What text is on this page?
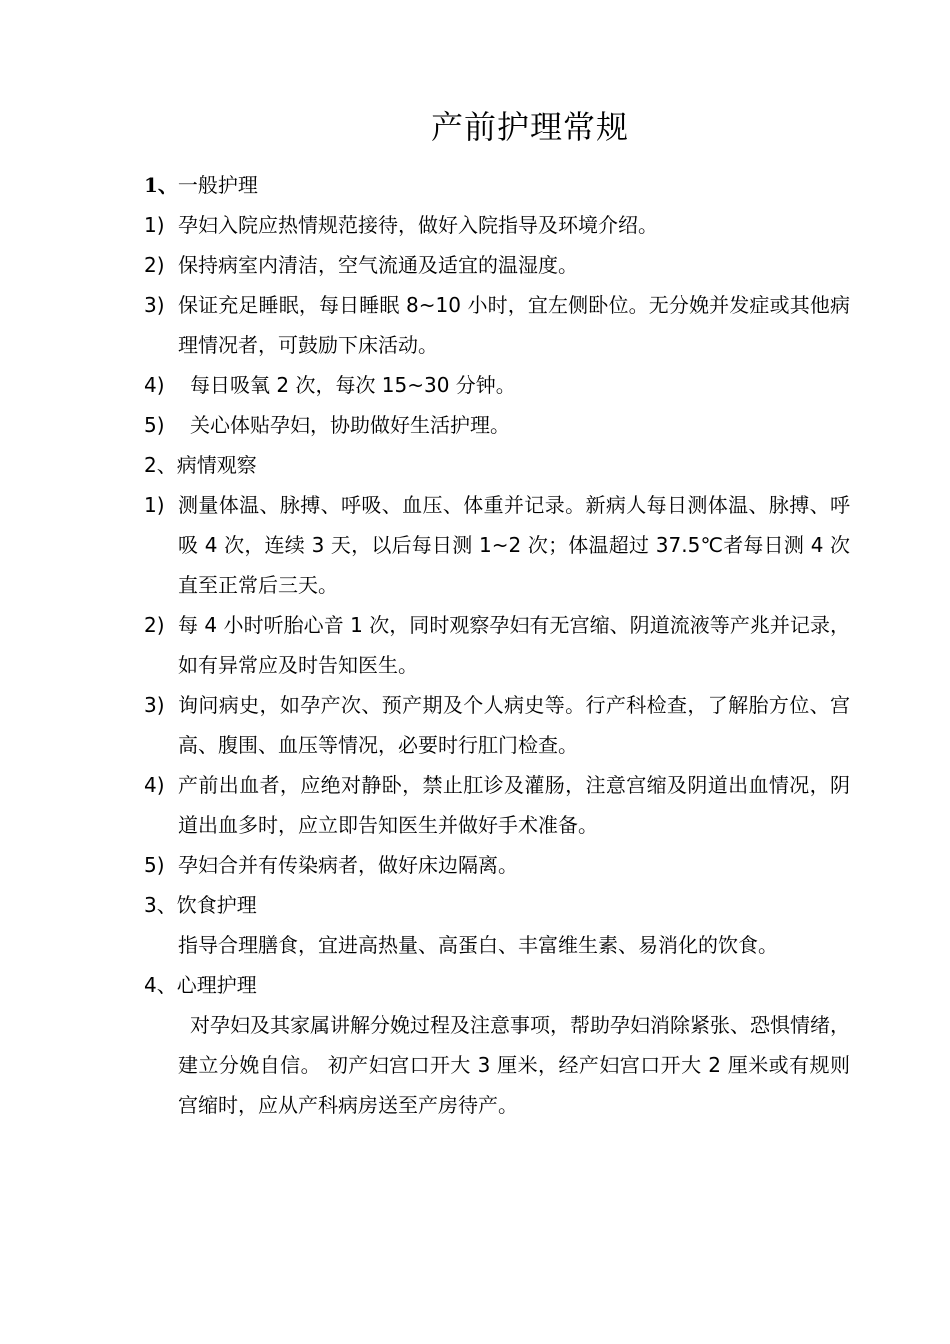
产前护理常规
1、一般护理
1) 孕妇入院应热情规范接待，做好入院指导及环境介绍。
2) 保持病室内清洁，空气流通及适宜的温湿度。
3) 保证充足睡眠，每日睡眠 8~10 小时，宜左侧卧位。无分娩并发症或其他病理情况者，可鼓励下床活动。
4)	每日吸氧 2 次，每次 15~30 分钟。
5)	关心体贴孕妇，协助做好生活护理。
2、病情观察
1) 测量体温、脉搏、呼吸、血压、体重并记录。新病人每日测体温、脉搏、呼吸 4 次，连续 3 天，以后每日测 1~2 次；体温超过 37.5℃者每日测 4 次直至正常后三天。
2) 每 4 小时听胎心音 1 次，同时观察孕妇有无宫缩、阴道流液等产兆并记录，如有异常应及时告知医生。
3) 询问病史，如孕产次、预产期及个人病史等。行产科检查，了解胎方位、宫高、腹围、血压等情况，必要时行肛门检查。
4) 产前出血者，应绝对静卧，禁止肛诊及灌肠，注意宫缩及阴道出血情况，阴道出血多时，应立即告知医生并做好手术准备。
5) 孕妇合并有传染病者，做好床边隔离。
3、饮食护理
指导合理膳食，宜进高热量、高蛋白、丰富维生素、易消化的饮食。
4、心理护理
对孕妇及其家属讲解分娩过程及注意事项，帮助孕妇消除紧张、恐惧情绪，建立分娩自信。 初产妇宫口开大 3 厘米，经产妇宫口开大 2 厘米或有规则宫缩时，应从产科病房送至产房待产。
